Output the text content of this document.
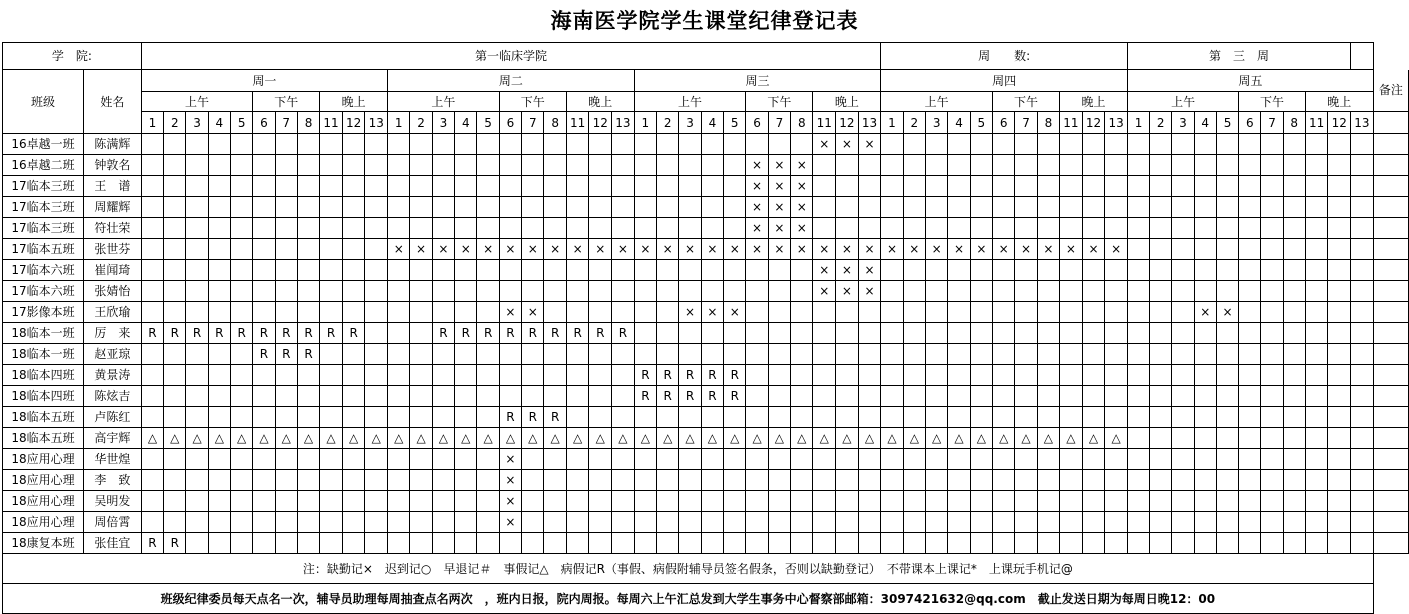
海南医学院学生课堂纪律登记表
学　院:		第一临床学院																																	周　　数:											第　三　周											
班级	姓名	周一											周二											周三											周四											周五											备注
		上午					下午			晚上			上午					下午			晚上			上午					下午			晚上			上午					下午			晚上			上午					下午			晚上			
		1	2	3	4	5	6	7	8	11	12	13	1	2	3	4	5	6	7	8	11	12	13	1	2	3	4	5	6	7	8	11	12	13	1	2	3	4	5	6	7	8	11	12	13	1	2	3	4	5	6	7	8	11	12	13	
16卓越一班	陈满辉																															×	×	×																							
16卓越二班	钟敦名																												×	×	×																										
17临本三班	王　谱																												×	×	×																										
17临本三班	周耀辉																												×	×	×																										
17临本三班	符壮荣																												×	×	×																										
17临本五班	张世芬												×	×	×	×	×	×	×	×	×	×	×	×	×	×	×	×	×	×	×	×	×	×	×	×	×	×	×	×	×	×	×	×	×												
17临本六班	崔闻琦																															×	×	×																							
17临本六班	张婧怡																															×	×	×																							
17影像本班	王欣瑜																	×	×							×	×	×																					×	×							
18临本一班	厉　来	R	R	R	R	R	R	R	R	R	R				R	R	R	R	R	R	R	R	R																																		
18临本一班	赵亚琼						R	R	R																																																
18临本四班	黄景涛																							R	R	R	R	R																													
18临本四班	陈炫吉																							R	R	R	R	R																													
18临本五班	卢陈红																	R	R	R																																					
18临本五班	高宇辉	△	△	△	△	△	△	△	△	△	△	△	△	△	△	△	△	△	△	△	△	△	△	△	△	△	△	△	△	△	△	△	△	△	△	△	△	△	△	△	△	△	△	△	△												
18应用心理	华世煌																	×																																							
18应用心理	李　致																	×																																							
18应用心理	吴明发																	×																																							
18应用心理	周倍霄																	×																																							
18康复本班	张佳宜	R	R																																																						
注：缺勤记×　迟到记○　早退记＃　事假记△　病假记R（事假、病假附辅导员签名假条，否则以缺勤登记）　不带课本上课记*　上课玩手机记@																																																									
班级纪律委员每天点名一次，辅导员助理每周抽查点名两次　，班内日报，院内周报。每周六上午汇总发到大学生事务中心督察部邮箱：3097421632@qq.com　截止发送日期为每周日晚12：00																																																									
